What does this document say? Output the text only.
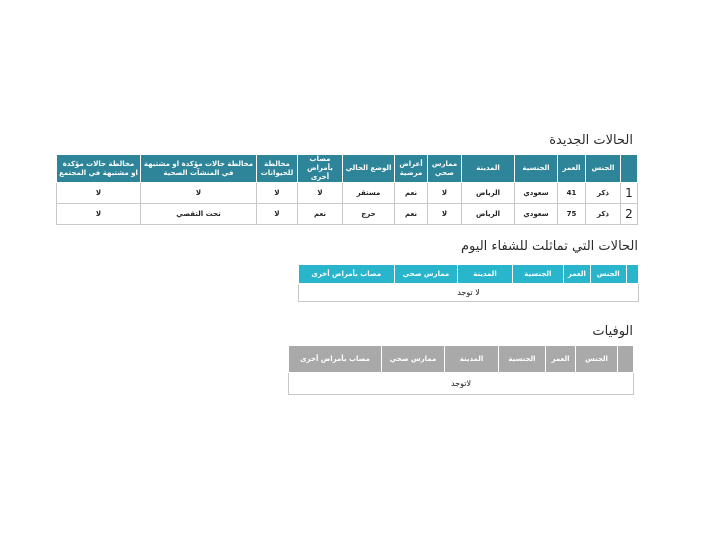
الحالات الجديدة
	الجنس	العمر	الجنسية	المدينة	ممارس صحي	أعراض مرضية	الوضع الحالي	مصاب بأمراض أخرى	مخالطة للحيوانات	مخالطة حالات مؤكدة او مشتبهة في المنشآت الصحية	مخالطة حالات مؤكدة او مشتبهة في المجتمع
1	ذكر	41	سعودي	الرياض	لا	نعم	مستقر	لا	لا	لا	لا
2	ذكر	75	سعودي	الرياض	لا	نعم	حرج	نعم	لا	تحت التقصي	لا
الحالات التي تماثلت للشفاء اليوم
	الجنس	العمر	الجنسية	المدينة	ممارس صحي	مصاب بأمراض أخرى
لا توجد
الوفيات
	الجنس	العمر	الجنسية	المدينة	ممارس صحي	مصاب بأمراض أخرى
لاتوجد
